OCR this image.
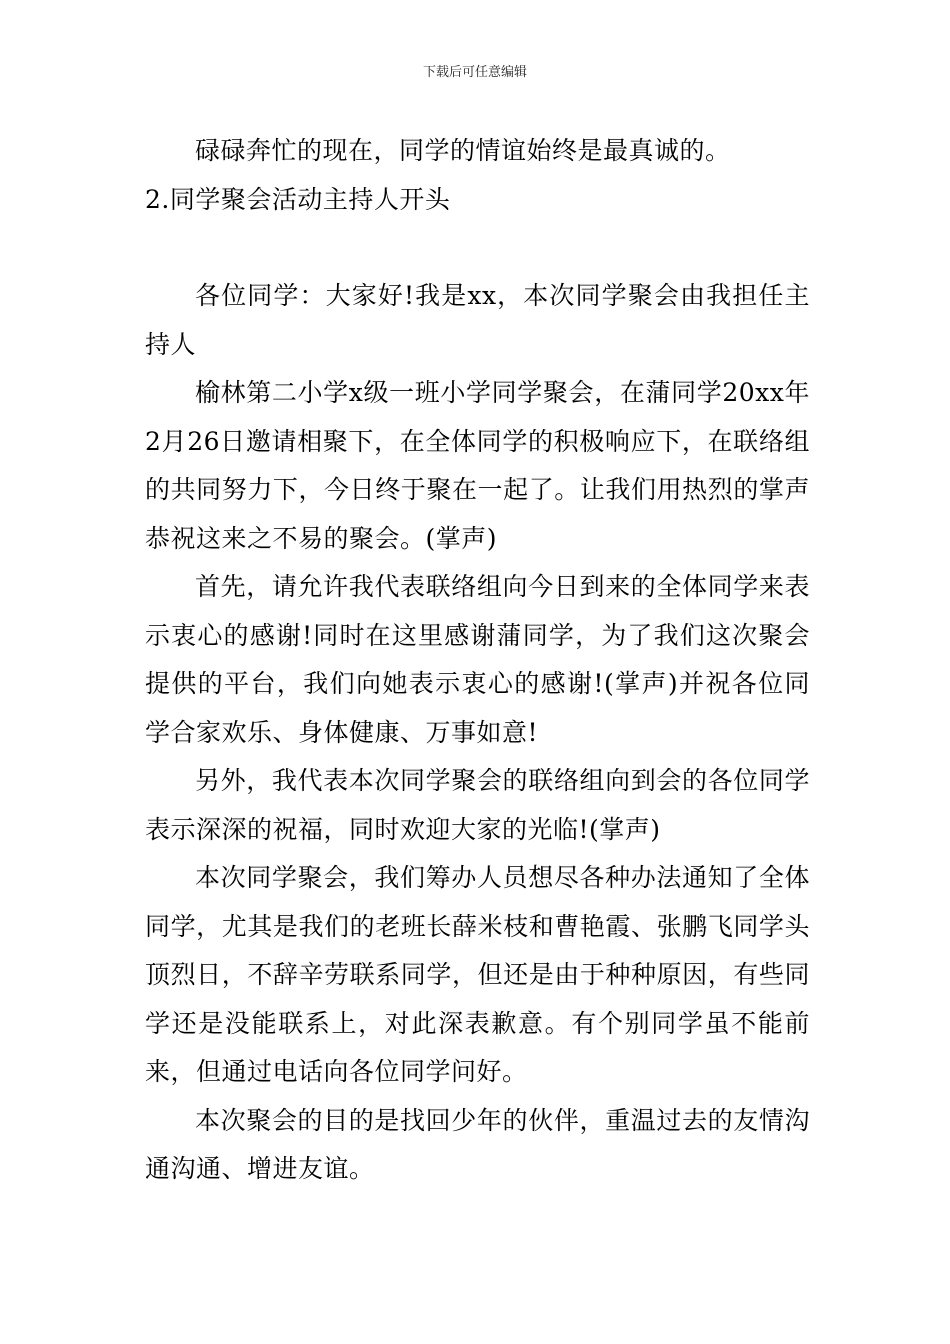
下载后可任意编辑

碌碌奔忙的现在，同学的情谊始终是最真诚的。

2.同学聚会活动主持人开头

各位同学：大家好!我是xx，本次同学聚会由我担任主持人

榆林第二小学x级一班小学同学聚会，在蒲同学20xx年2月26日邀请相聚下，在全体同学的积极响应下，在联络组的共同努力下，今日终于聚在一起了。让我们用热烈的掌声恭祝这来之不易的聚会。(掌声)

首先，请允许我代表联络组向今日到来的全体同学来表示衷心的感谢!同时在这里感谢蒲同学，为了我们这次聚会提供的平台，我们向她表示衷心的感谢!(掌声)并祝各位同学合家欢乐、身体健康、万事如意!

另外，我代表本次同学聚会的联络组向到会的各位同学表示深深的祝福，同时欢迎大家的光临!(掌声)

本次同学聚会，我们筹办人员想尽各种办法通知了全体同学，尤其是我们的老班长薛米枝和曹艳霞、张鹏飞同学头顶烈日，不辞辛劳联系同学，但还是由于种种原因，有些同学还是没能联系上，对此深表歉意。有个别同学虽不能前来，但通过电话向各位同学问好。

本次聚会的目的是找回少年的伙伴，重温过去的友情沟通沟通、增进友谊。
